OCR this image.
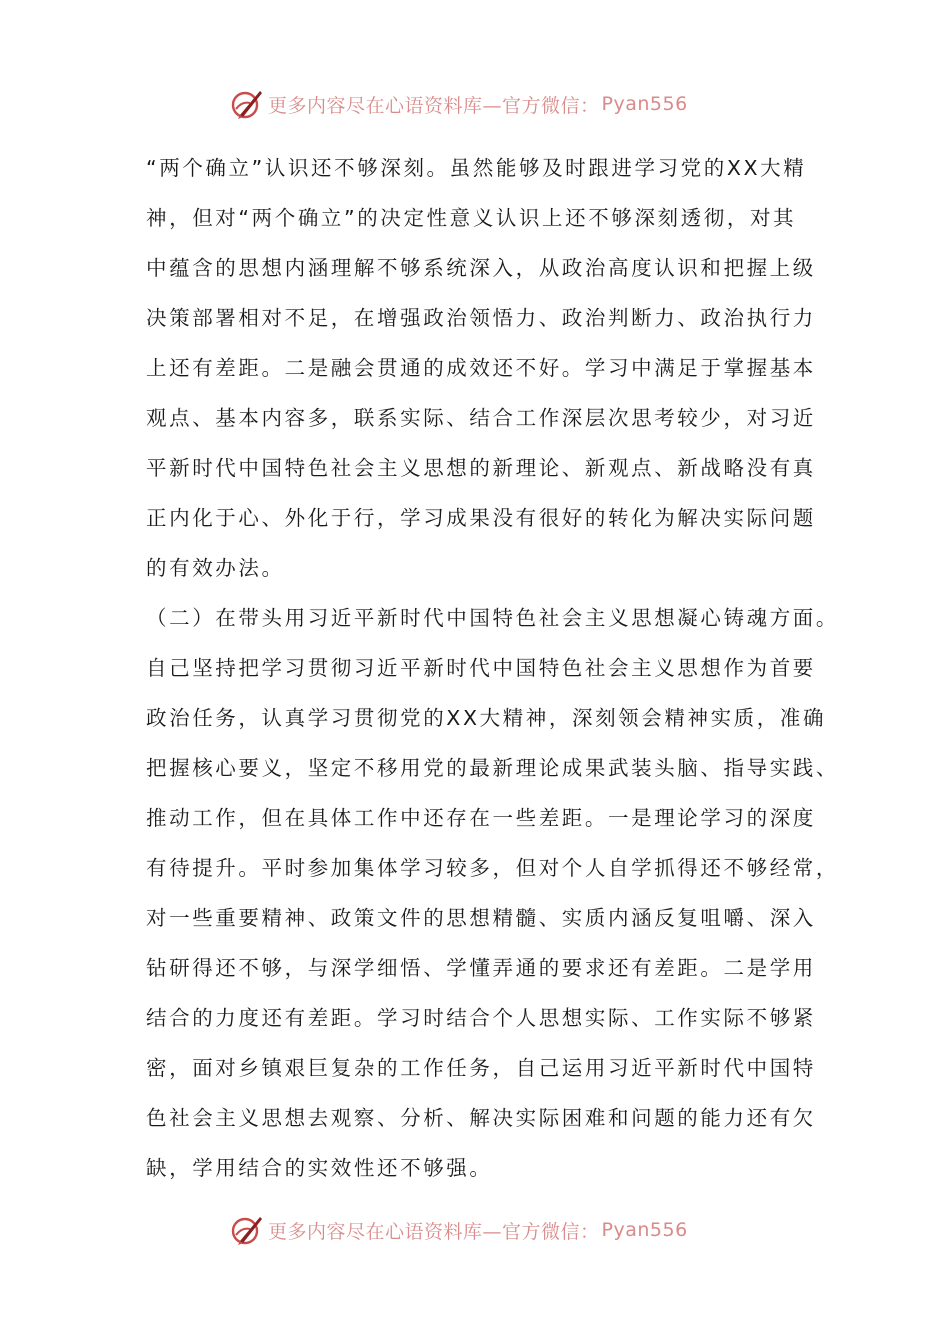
更多内容尽在心语资料库—官方微信： Pyan556
“两个确立”认识还不够深刻。虽然能够及时跟进学习党的XX大精
神，但对“两个确立”的决定性意义认识上还不够深刻透彻，对其
中蕴含的思想内涵理解不够系统深入，从政治高度认识和把握上级
决策部署相对不足，在增强政治领悟力、政治判断力、政治执行力
上还有差距。二是融会贯通的成效还不好。学习中满足于掌握基本
观点、基本内容多，联系实际、结合工作深层次思考较少，对习近
平新时代中国特色社会主义思想的新理论、新观点、新战略没有真
正内化于心、外化于行，学习成果没有很好的转化为解决实际问题
的有效办法。
（二）在带头用习近平新时代中国特色社会主义思想凝心铸魂方面。
自己坚持把学习贯彻习近平新时代中国特色社会主义思想作为首要
政治任务，认真学习贯彻党的XX大精神，深刻领会精神实质，准确
把握核心要义，坚定不移用党的最新理论成果武装头脑、指导实践、
推动工作，但在具体工作中还存在一些差距。一是理论学习的深度
有待提升。平时参加集体学习较多，但对个人自学抓得还不够经常，
对一些重要精神、政策文件的思想精髓、实质内涵反复咀嚼、深入
钻研得还不够，与深学细悟、学懂弄通的要求还有差距。二是学用
结合的力度还有差距。学习时结合个人思想实际、工作实际不够紧
密，面对乡镇艰巨复杂的工作任务，自己运用习近平新时代中国特
色社会主义思想去观察、分析、解决实际困难和问题的能力还有欠
缺，学用结合的实效性还不够强。
更多内容尽在心语资料库—官方微信： Pyan556
